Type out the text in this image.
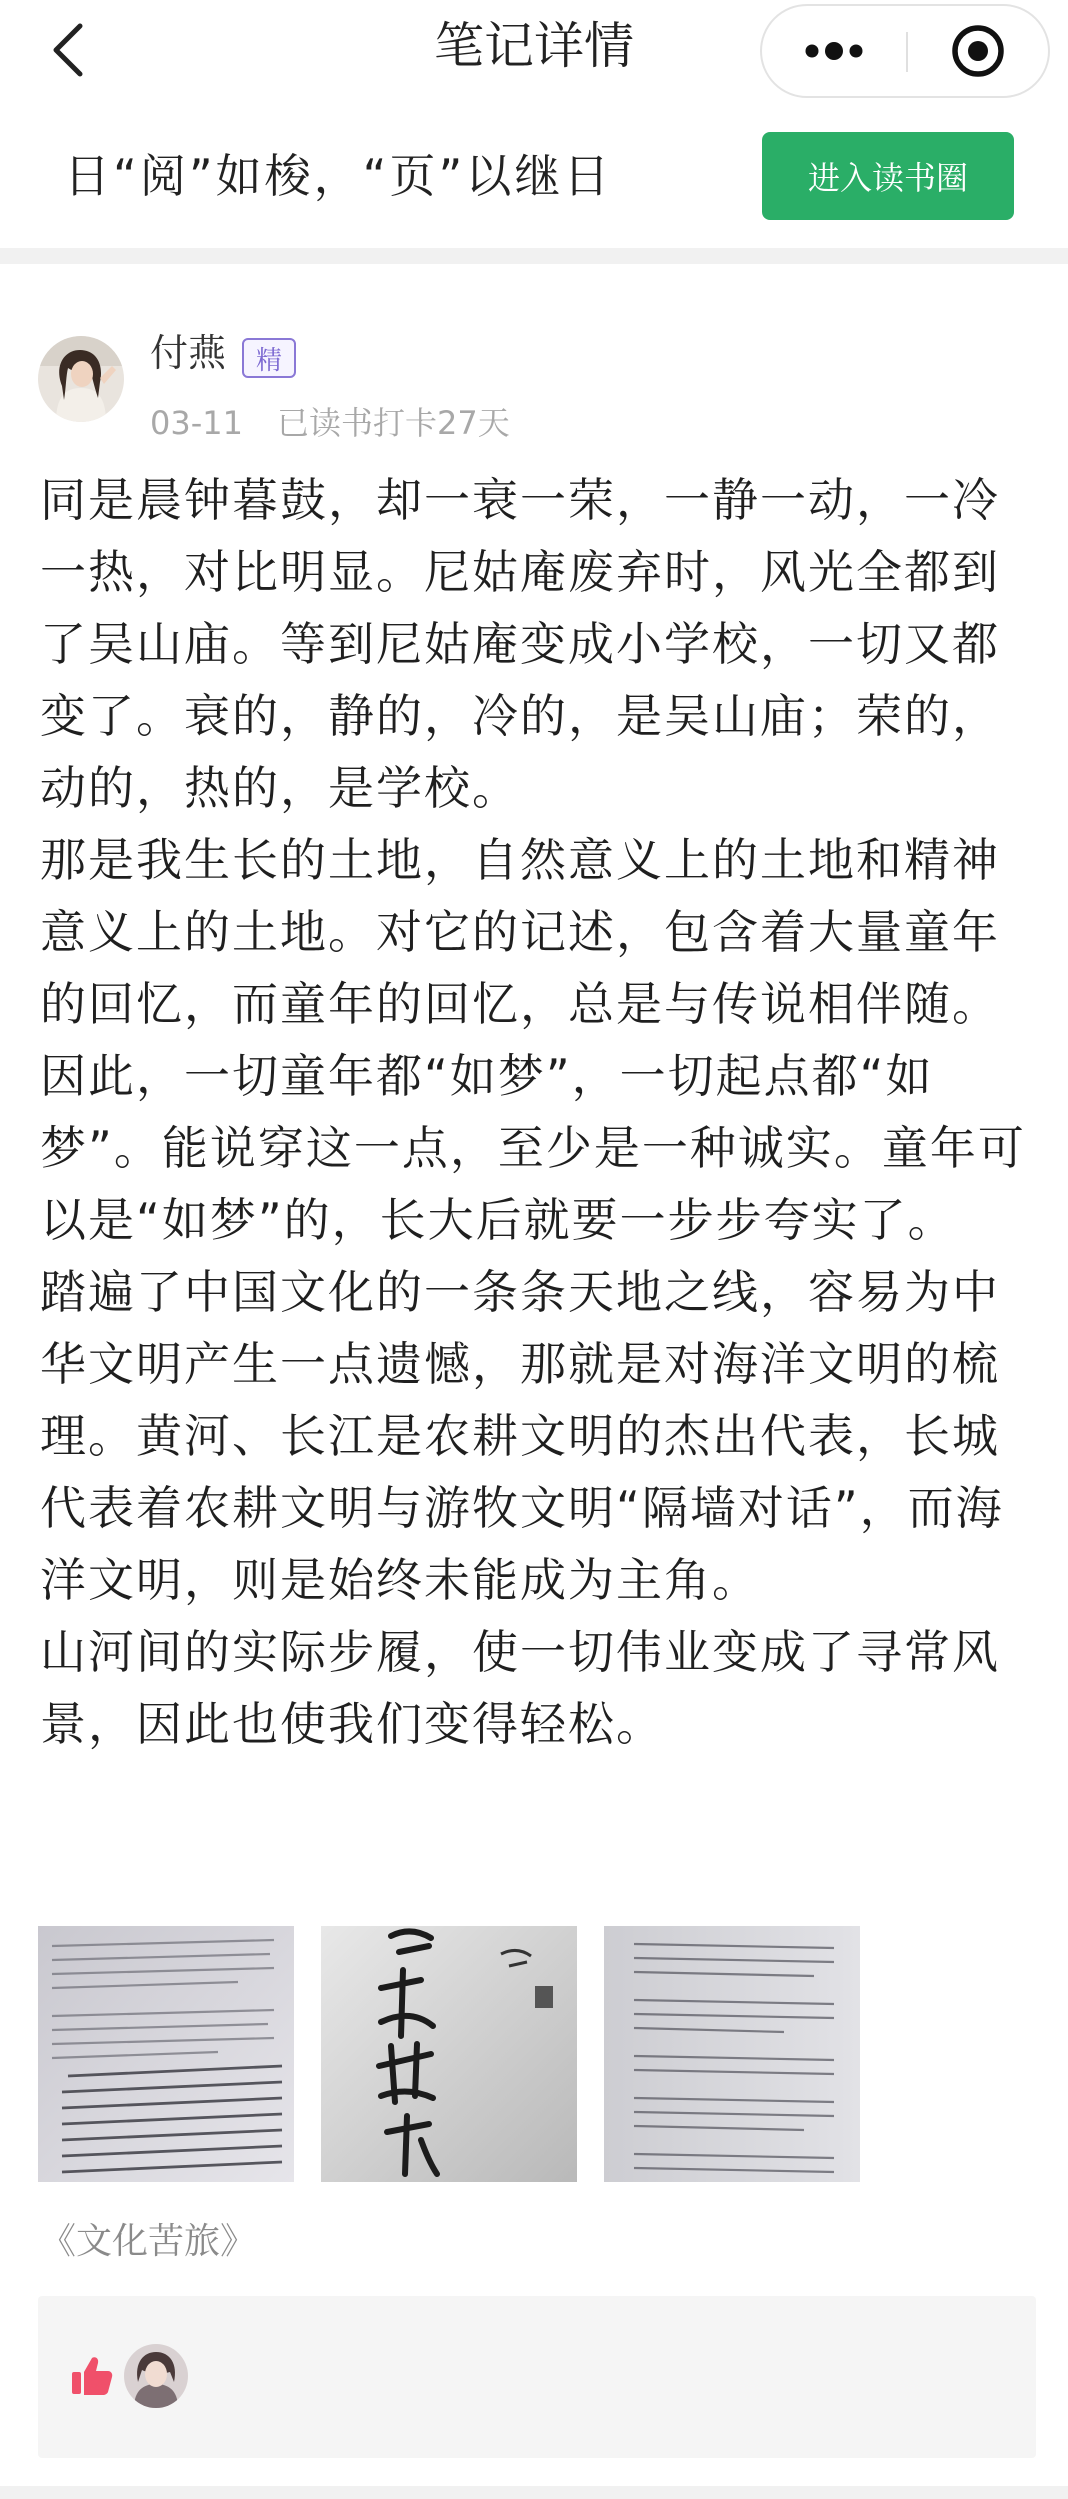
笔记详情
日“阅”如梭，“页”以继日	进入读书圈
付燕	精
03-11 已读书打卡27天

同是晨钟暮鼓，却一衰一荣，一静一动，一冷一热，对比明显。尼姑庵废弃时，风光全都到了吴山庙。等到尼姑庵变成小学校，一切又都变了。衰的，静的，冷的，是吴山庙；荣的，动的，热的，是学校。

那是我生长的土地，自然意义上的土地和精神意义上的土地。对它的记述，包含着大量童年的回忆，而童年的回忆，总是与传说相伴随。因此，一切童年都“如梦”，一切起点都“如梦”。能说穿这一点，至少是一种诚实。童年可以是“如梦”的，长大后就要一步步夸实了。

踏遍了中国文化的一条条天地之线，容易为中华文明产生一点遗憾，那就是对海洋文明的梳理。黄河、长江是农耕文明的杰出代表，长城代表着农耕文明与游牧文明“隔墙对话”，而海洋文明，则是始终未能成为主角。

山河间的实际步履，使一切伟业变成了寻常风景，因此也使我们变得轻松。

《文化苦旅》
